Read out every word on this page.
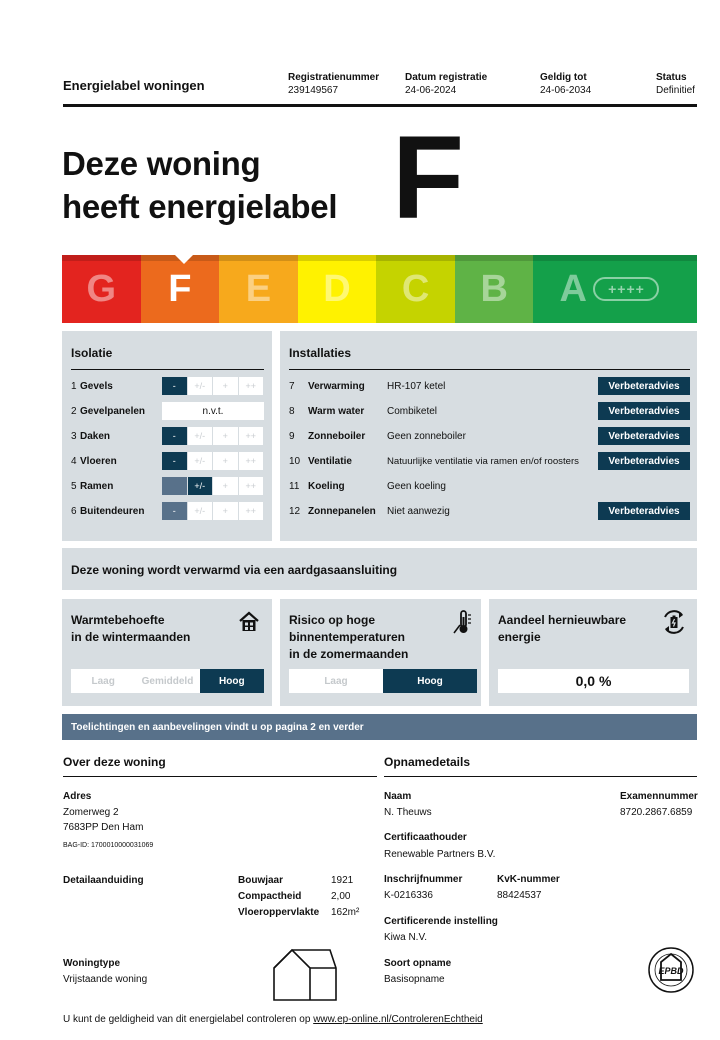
Energielabel woningen
Registratienummer
239149567
Datum registratie
24-06-2024
Geldig tot
24-06-2034
Status
Definitief
Deze woning
heeft energielabel F
G F E D C B A	++++
Isolatie
1 Gevels	-	+/-	+	++
2 Gevelpanelen	n.v.t.
3 Daken	-	+/-	+	++
4 Vloeren	-	+/-	+	++
5 Ramen	-	+/-	+	++
6 Buitendeuren	-	+/-	+	++
Installaties
7	Verwarming	HR-107 ketel	Verbeteradvies
8	Warm water	Combiketel	Verbeteradvies
9	Zonneboiler	Geen zonneboiler	Verbeteradvies
10 Ventilatie	Natuurlijke ventilatie via ramen en/of roosters	Verbeteradvies
11 Koeling	Geen koeling
12 Zonnepanelen	Niet aanwezig	Verbeteradvies
Deze woning wordt verwarmd via een aardgasaansluiting
Warmtebehoefte
in de wintermaanden
Laag	Gemiddeld	Hoog
Risico op hoge
binnentemperaturen
in de zomermaanden
Laag	Hoog
Aandeel hernieuwbare
energie
0,0 %
Toelichtingen en aanbevelingen vindt u op pagina 2 en verder
Over deze woning
Adres
Zomerweg 2
7683PP Den Ham
BAG-ID: 1700010000031069
Detailaanduiding	Bouwjaar	1921
Compactheid	2,00
Vloeroppervlakte 162m²
Woningtype
Vrijstaande woning
Opnamedetails
Naam
N. Theuws
Examennummer
8720.2867.6859
Certificaathouder
Renewable Partners B.V.
Inschrijfnummer
K-0216336
KvK-nummer
88424537
Certificerende instelling
Kiwa N.V.
Soort opname
Basisopname
EPBD
U kunt de geldigheid van dit energielabel controleren op www.ep-online.nl/ControlerenEchtheid
